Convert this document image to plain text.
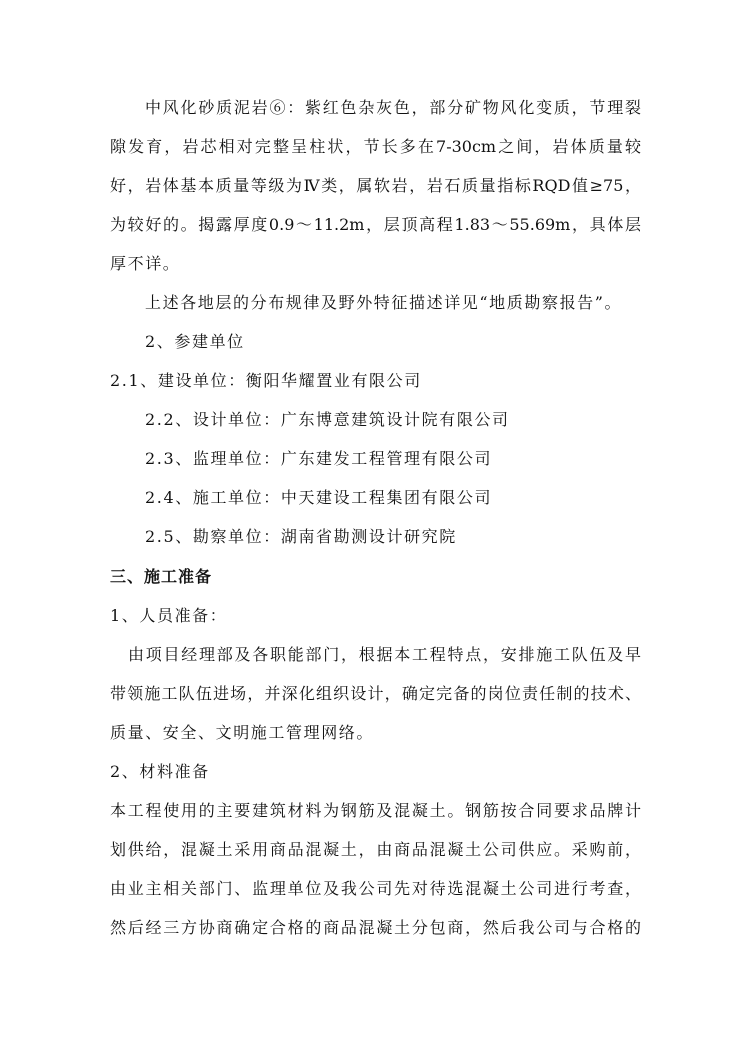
中风化砂质泥岩⑥：紫红色杂灰色，部分矿物风化变质，节理裂
隙发育，岩芯相对完整呈柱状，节长多在7-30cm之间，岩体质量较
好，岩体基本质量等级为Ⅳ类，属软岩，岩石质量指标RQD值≥75，
为较好的。揭露厚度0.9～11.2m，层顶高程1.83～55.69m，具体层
厚不详。
上述各地层的分布规律及野外特征描述详见“地质勘察报告”。
2、参建单位
2.1、建设单位：衡阳华耀置业有限公司
2.2、设计单位：广东博意建筑设计院有限公司
2.3、监理单位：广东建发工程管理有限公司
2.4、施工单位：中天建设工程集团有限公司
2.5、勘察单位：湖南省勘测设计研究院
三、施工准备
1、人员准备：
由项目经理部及各职能部门，根据本工程特点，安排施工队伍及早
带领施工队伍进场，并深化组织设计，确定完备的岗位责任制的技术、
质量、安全、文明施工管理网络。
2、材料准备
本工程使用的主要建筑材料为钢筋及混凝土。钢筋按合同要求品牌计
划供给，混凝土采用商品混凝土，由商品混凝土公司供应。采购前，
由业主相关部门、监理单位及我公司先对待选混凝土公司进行考查，
然后经三方协商确定合格的商品混凝土分包商，然后我公司与合格的
